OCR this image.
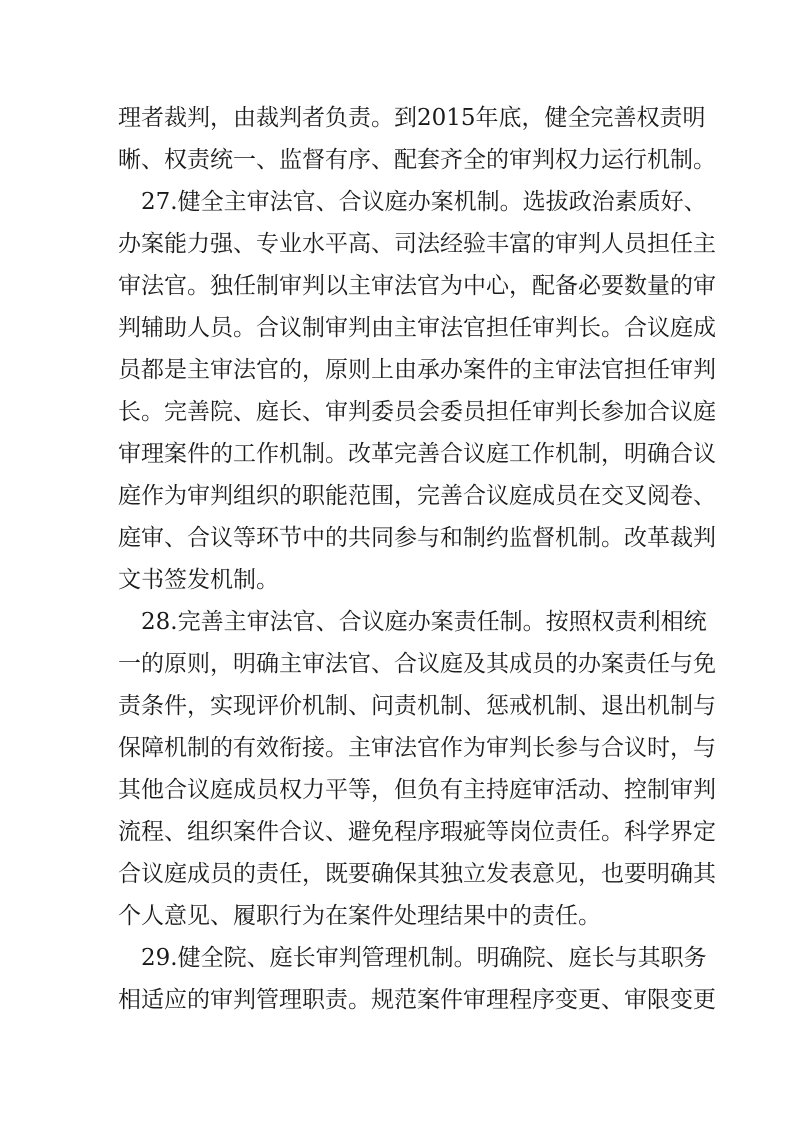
理者裁判，由裁判者负责。到2015年底，健全完善权责明
晰、权责统一、监督有序、配套齐全的审判权力运行机制。
27.健全主审法官、合议庭办案机制。选拔政治素质好、
办案能力强、专业水平高、司法经验丰富的审判人员担任主
审法官。独任制审判以主审法官为中心，配备必要数量的审
判辅助人员。合议制审判由主审法官担任审判长。合议庭成
员都是主审法官的，原则上由承办案件的主审法官担任审判
长。完善院、庭长、审判委员会委员担任审判长参加合议庭
审理案件的工作机制。改革完善合议庭工作机制，明确合议
庭作为审判组织的职能范围，完善合议庭成员在交叉阅卷、
庭审、合议等环节中的共同参与和制约监督机制。改革裁判
文书签发机制。
28.完善主审法官、合议庭办案责任制。按照权责利相统
一的原则，明确主审法官、合议庭及其成员的办案责任与免
责条件，实现评价机制、问责机制、惩戒机制、退出机制与
保障机制的有效衔接。主审法官作为审判长参与合议时，与
其他合议庭成员权力平等，但负有主持庭审活动、控制审判
流程、组织案件合议、避免程序瑕疵等岗位责任。科学界定
合议庭成员的责任，既要确保其独立发表意见，也要明确其
个人意见、履职行为在案件处理结果中的责任。
29.健全院、庭长审判管理机制。明确院、庭长与其职务
相适应的审判管理职责。规范案件审理程序变更、审限变更
